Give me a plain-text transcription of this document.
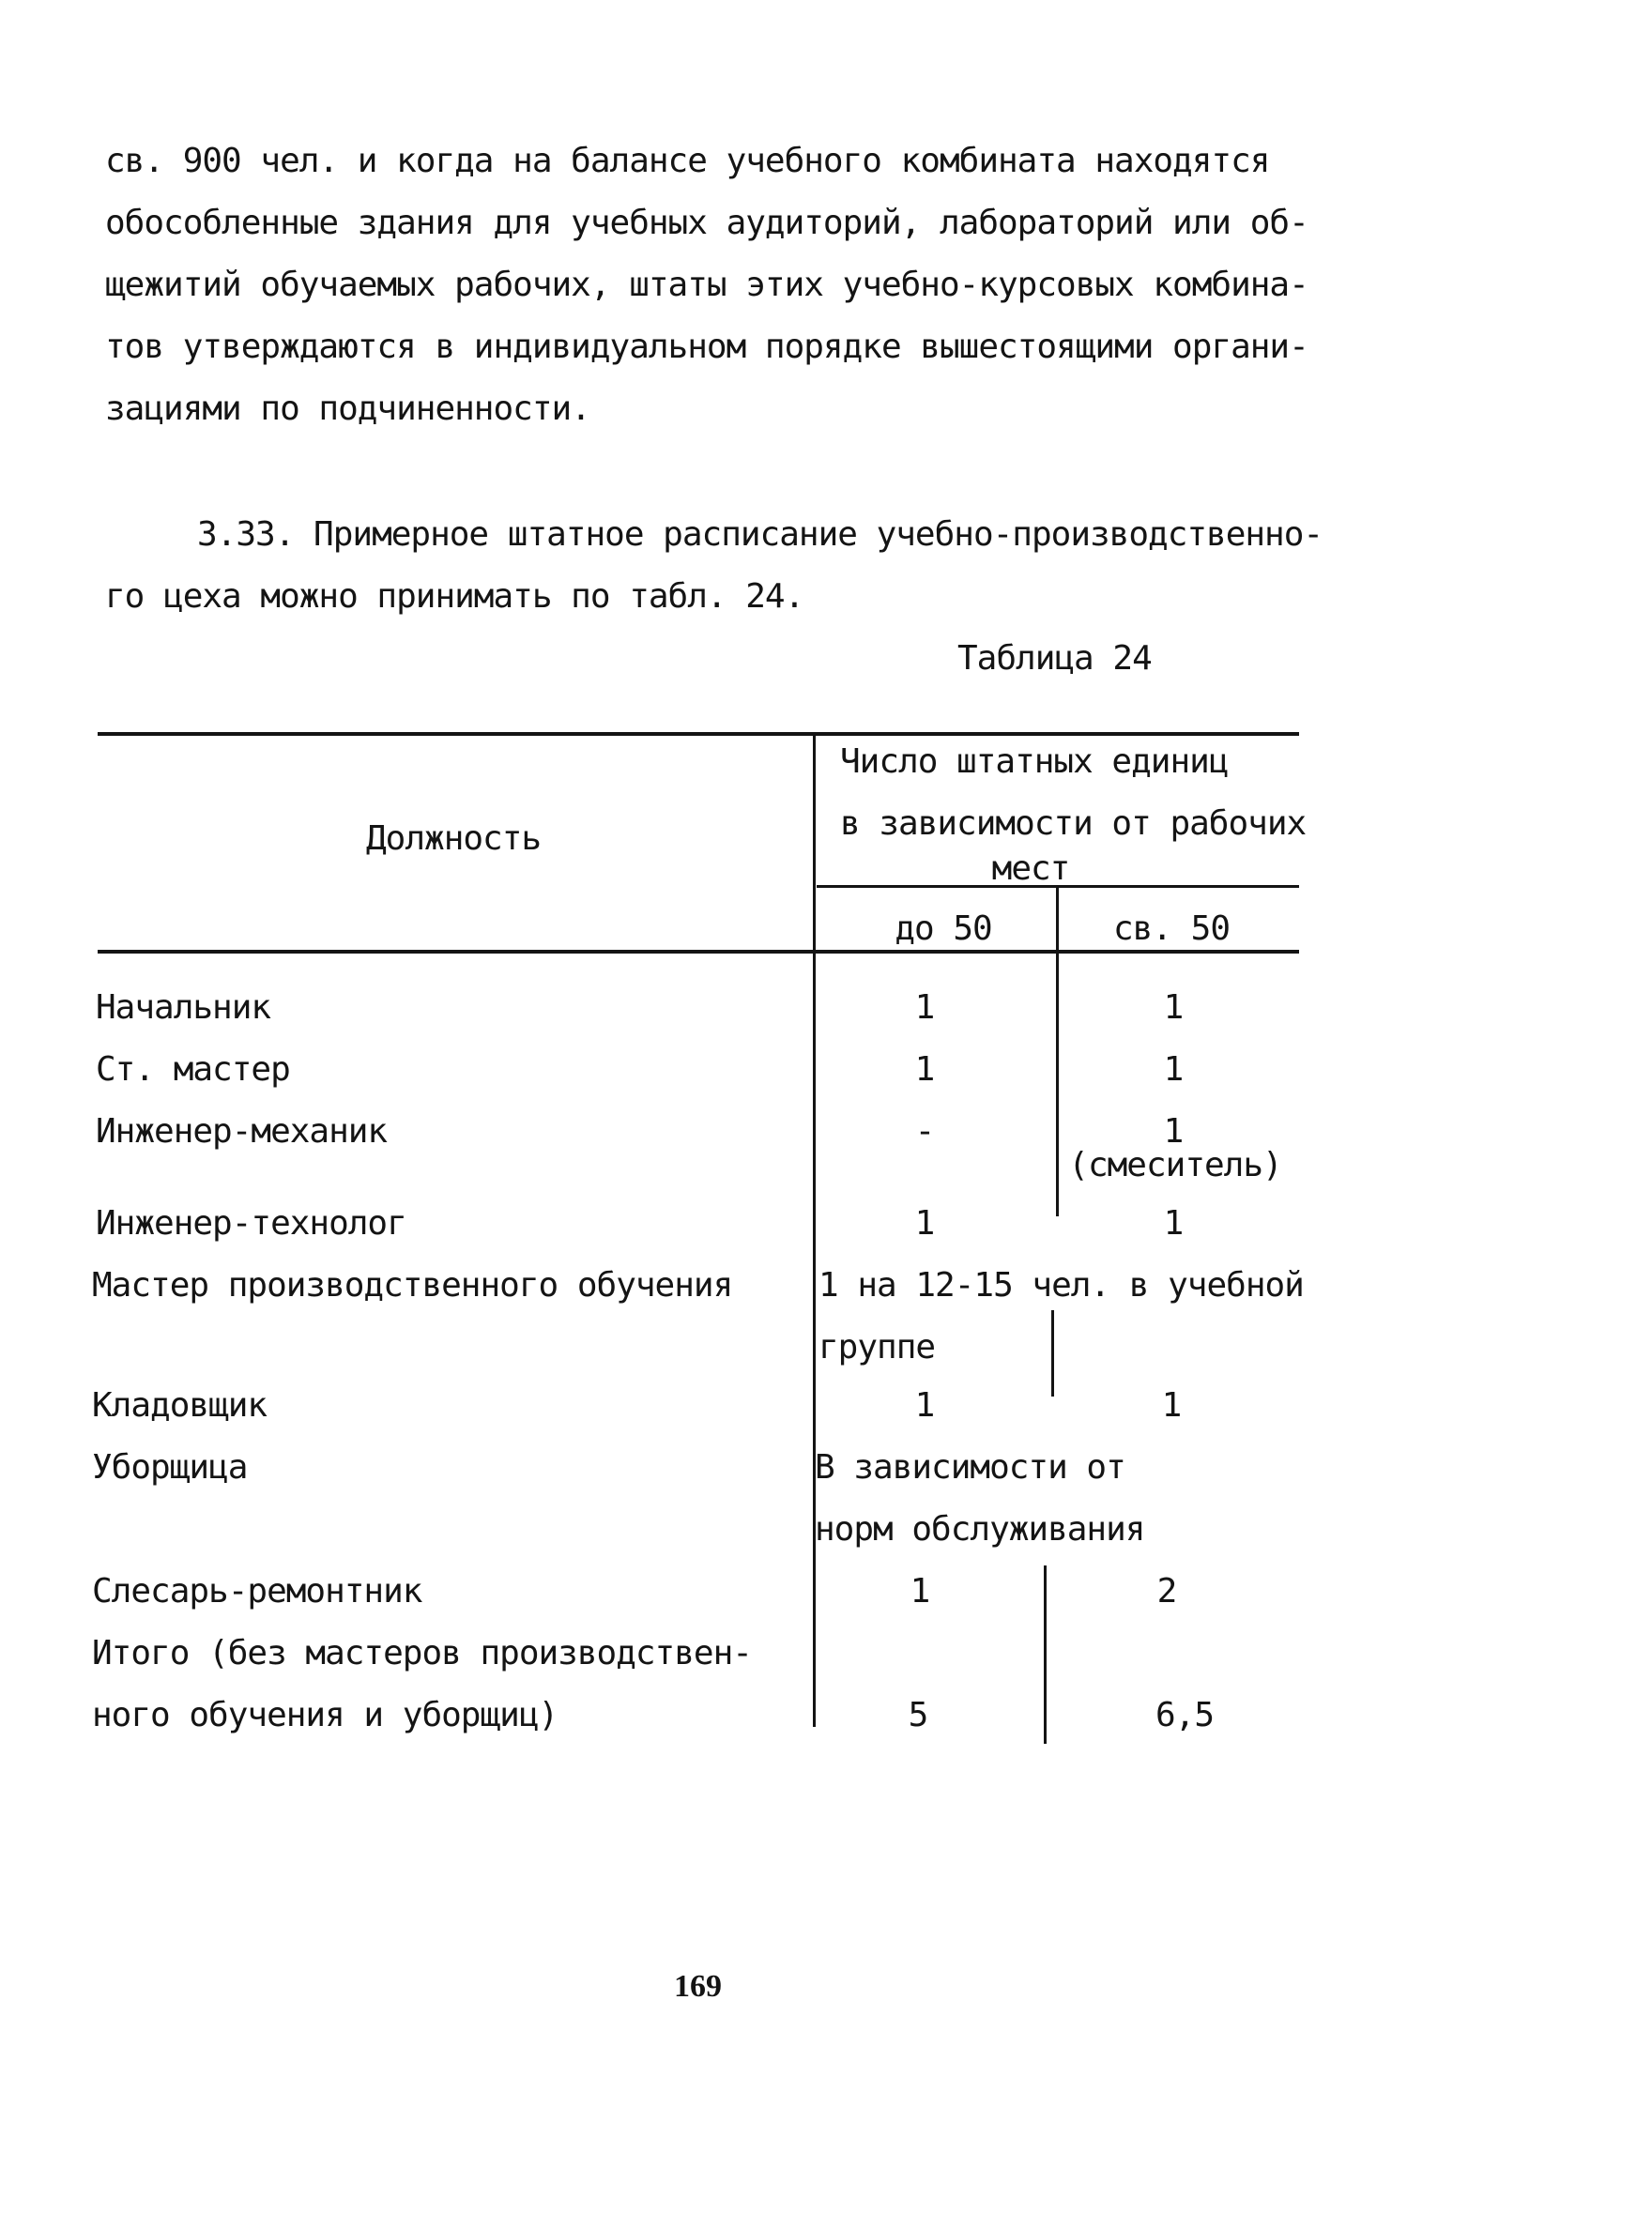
св. 900 чел. и когда на балансе учебного комбината находятся
обособленные здания для учебных аудиторий, лабораторий или об-
щежитий обучаемых рабочих, штаты этих учебно-курсовых комбина-
тов утверждаются в индивидуальном порядке вышестоящими органи-
зациями по подчиненности.
3.33. Примерное штатное расписание учебно-производственно-
го цеха можно принимать по табл. 24.
Таблица 24
Должность
Число штатных единиц
в зависимости от рабочих
мест
до 50	св. 50
Начальник	1	1
Ст. мастер	1	1
Инженер-механик	-	1
(смеситель)
Инженер-технолог	1	1
Мастер производственного обучения	1 на 12-15 чел. в учебной
группе
Кладовщик	1	1
Уборщица	В зависимости от
норм обслуживания
Слесарь-ремонтник	1	2
Итого (без мастеров производствен-
ного обучения и уборщиц)	5	6,5
169
